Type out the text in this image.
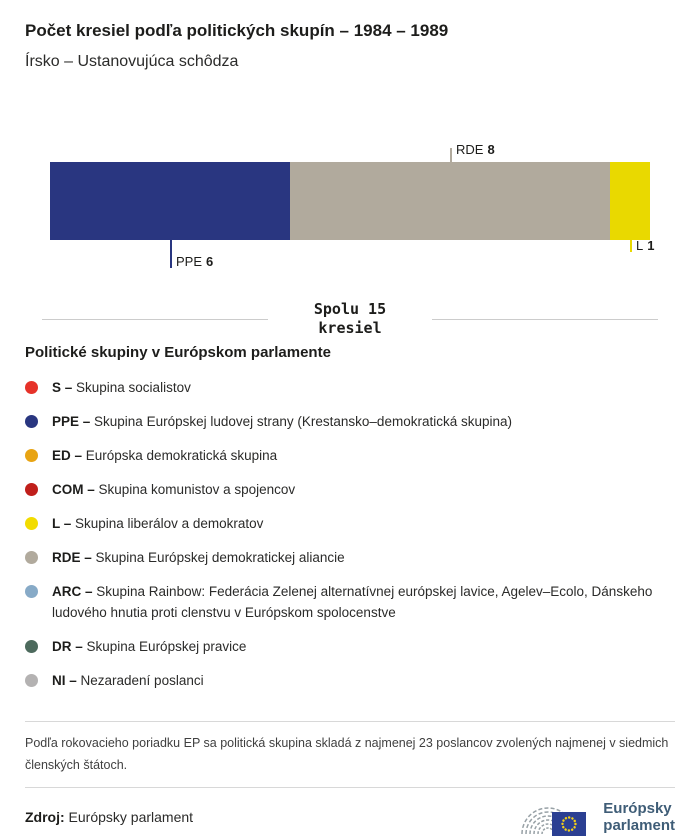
Počet kresiel podľa politických skupín – 1984 – 1989
Írsko – Ustanovujúca schôdza
PPE 6
RDE 8
L 1
Spolu 15
kresiel
Politické skupiny v Európskom parlamente

S – Skupina socialistov

PPE – Skupina Európskej ludovej strany (Krestansko–demokratická skupina)

ED – Európska demokratická skupina

COM – Skupina komunistov a spojencov

L – Skupina liberálov a demokratov

RDE – Skupina Európskej demokratickej aliancie

ARC – Skupina Rainbow: Federácia Zelenej alternatívnej európskej lavice, Agelev–Ecolo, Dánskeho ludového hnutia proti clenstvu v Európskom spolocenstve

DR – Skupina Európskej pravice

NI – Nezaradení poslanci

Podľa rokovacieho poriadku EP sa politická skupina skladá z najmenej 23 poslancov zvolených najmenej v siedmich členských štátoch.

Zdroj: Európsky parlament	Európsky
parlament
